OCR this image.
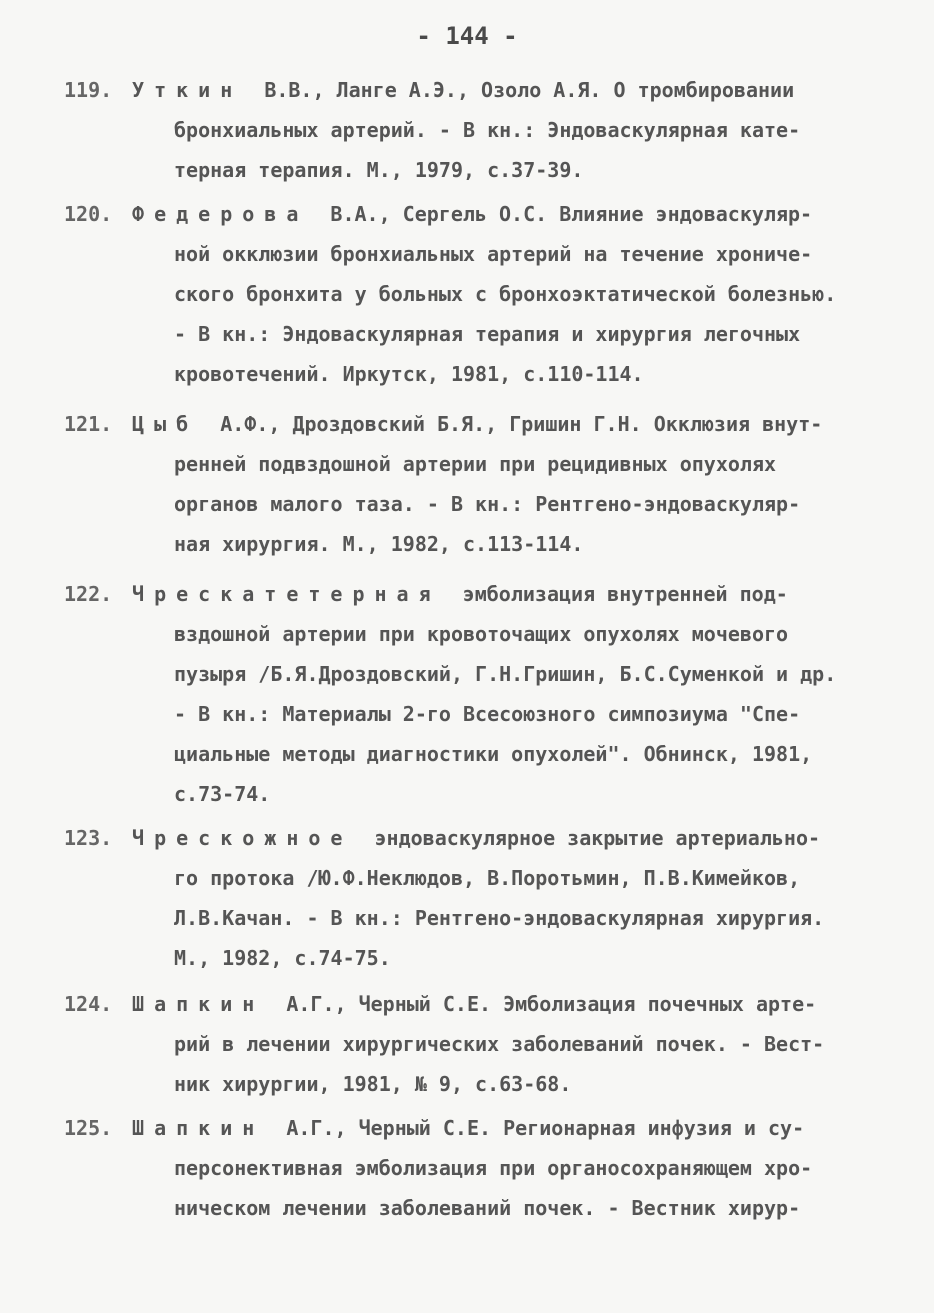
- 144 -
119. Уткин В.В., Ланге А.Э., Озоло А.Я. О тромбировании
бронхиальных артерий. - В кн.: Эндоваскулярная кате-
терная терапия. М., 1979, с.37-39.
120. Федерова В.А., Сергель О.С. Влияние эндоваскуляр-
ной окклюзии бронхиальных артерий на течение хрониче-
ского бронхита у больных с бронхоэктатической болезнью.
- В кн.: Эндоваскулярная терапия и хирургия легочных
кровотечений. Иркутск, 1981, с.110-114.
121. Цыб А.Ф., Дроздовский Б.Я., Гришин Г.Н. Окклюзия внут-
ренней подвздошной артерии при рецидивных опухолях
органов малого таза. - В кн.: Рентгено-эндоваскуляр-
ная хирургия. М., 1982, с.113-114.
122. Чрескатетерная эмболизация внутренней под-
вздошной артерии при кровоточащих опухолях мочевого
пузыря /Б.Я.Дроздовский, Г.Н.Гришин, Б.С.Суменкой и др.
- В кн.: Материалы 2-го Всесоюзного симпозиума "Спе-
циальные методы диагностики опухолей". Обнинск, 1981,
с.73-74.
123. Чрескожное эндоваскулярное закрытие артериально-
го протока /Ю.Ф.Неклюдов, В.Поротьмин, П.В.Кимейков,
Л.В.Качан. - В кн.: Рентгено-эндоваскулярная хирургия.
М., 1982, с.74-75.
124. Шапкин А.Г., Черный С.Е. Эмболизация почечных арте-
рий в лечении хирургических заболеваний почек. - Вест-
ник хирургии, 1981, № 9, с.63-68.
125. Шапкин А.Г., Черный С.Е. Регионарная инфузия и су-
персонективная эмболизация при органосохраняющем хро-
ническом лечении заболеваний почек. - Вестник хирур-
